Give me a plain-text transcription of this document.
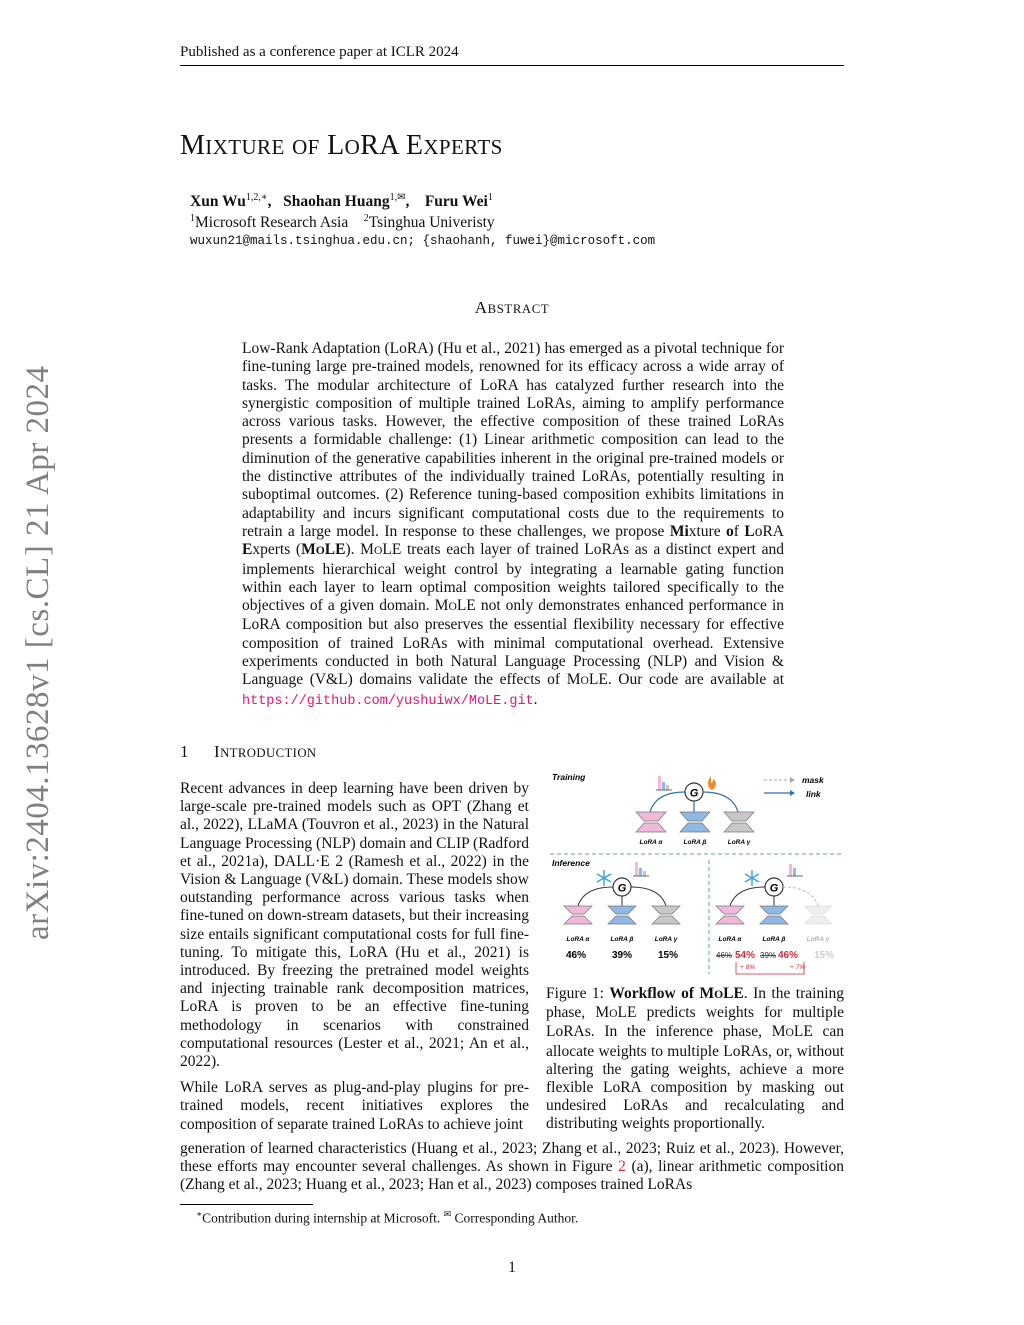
Published as a conference paper at ICLR 2024
arXiv:2404.13628v1 [cs.CL] 21 Apr 2024
MIXTURE OF LORA EXPERTS
Xun $Wu^{1,2,∗}$,   Shaohan Huang$^{1,✉}$,    Furu Wei$^1$
$^1$Microsoft Research Asia $^2$Tsinghua Univeristy
wuxun21@mails.tsinghua.edu.cn; {shaohanh, fuwei}@microsoft.com
ABSTRACT
Low-Rank Adaptation (LoRA) (Hu et al., 2021) has emerged as a pivotal technique for fine-tuning large pre-trained models, renowned for its efficacy across a wide array of tasks. The modular architecture of LoRA has catalyzed further research into the synergistic composition of multiple trained LoRAs, aiming to amplify performance across various tasks. However, the effective composition of these trained LoRAs presents a formidable challenge: (1) Linear arithmetic composition can lead to the diminution of the generative capabilities inherent in the original pre-trained models or the distinctive attributes of the individually trained LoRAs, potentially resulting in suboptimal outcomes. (2) Reference tuning-based composition exhibits limitations in adaptability and incurs significant computational costs due to the requirements to retrain a large model. In response to these challenges, we propose Mixture of LoRA Experts (MOLE). MOLE treats each layer of trained LoRAs as a distinct expert and implements hierarchical weight control by integrating a learnable gating function within each layer to learn optimal composition weights tailored specifically to the objectives of a given domain. MOLE not only demonstrates enhanced performance in LoRA composition but also preserves the essential flexibility necessary for effective composition of trained LoRAs with minimal computational overhead. Extensive experiments conducted in both Natural Language Processing (NLP) and Vision & Language (V&L) domains validate the effects of MOLE. Our code are available at https://github.com/yushuiwx/MoLE.git.
1 INTRODUCTION

Recent advances in deep learning have been driven by large-scale pre-trained models such as OPT (Zhang et al., 2022), LLaMA (Touvron et al., 2023) in the Natural Language Processing (NLP) domain and CLIP (Radford et al., 2021a), DALL·E 2 (Ramesh et al., 2022) in the Vision & Language (V&L) domain. These models show outstanding performance across various tasks when fine-tuned on down-stream datasets, but their increasing size entails significant computational costs for full fine-tuning. To mitigate this, LoRA (Hu et al., 2021) is introduced. By freezing the pretrained model weights and injecting trainable rank decomposition matrices, LoRA is proven to be an effective fine-tuning methodology in scenarios with constrained computational resources (Lester et al., 2021; An et al., 2022).

While LoRA serves as plug-and-play plugins for pre-trained models, recent initiatives explores the composition of separate trained LoRAs to achieve joint

generation of learned characteristics (Huang et al., 2023; Zhang et al., 2023; Ruiz et al., 2023). However, these efforts may encounter several challenges. As shown in Figure 2 (a), linear arithmetic composition (Zhang et al., 2023; Huang et al., 2023; Han et al., 2023) composes trained LoRAs
Training	mask
link
G
LoRA α	LoRA β	LoRA γ
Inference
G
LoRA α	LoRA β	LoRA γ
46%	39%	15%
G
LoRA α	LoRA β	LoRA γ
46% 54% 39% 46% 15%
+ 8%	+ 7%
Figure 1: Workflow of MOLE. In the training phase, MOLE predicts weights for multiple LoRAs. In the inference phase, MOLE can allocate weights to multiple LoRAs, or, without altering the gating weights, achieve a more flexible LoRA composition by masking out undesired LoRAs and recalculating and distributing weights proportionally.
∗Contribution during internship at Microsoft. ✉ Corresponding Author.
1
